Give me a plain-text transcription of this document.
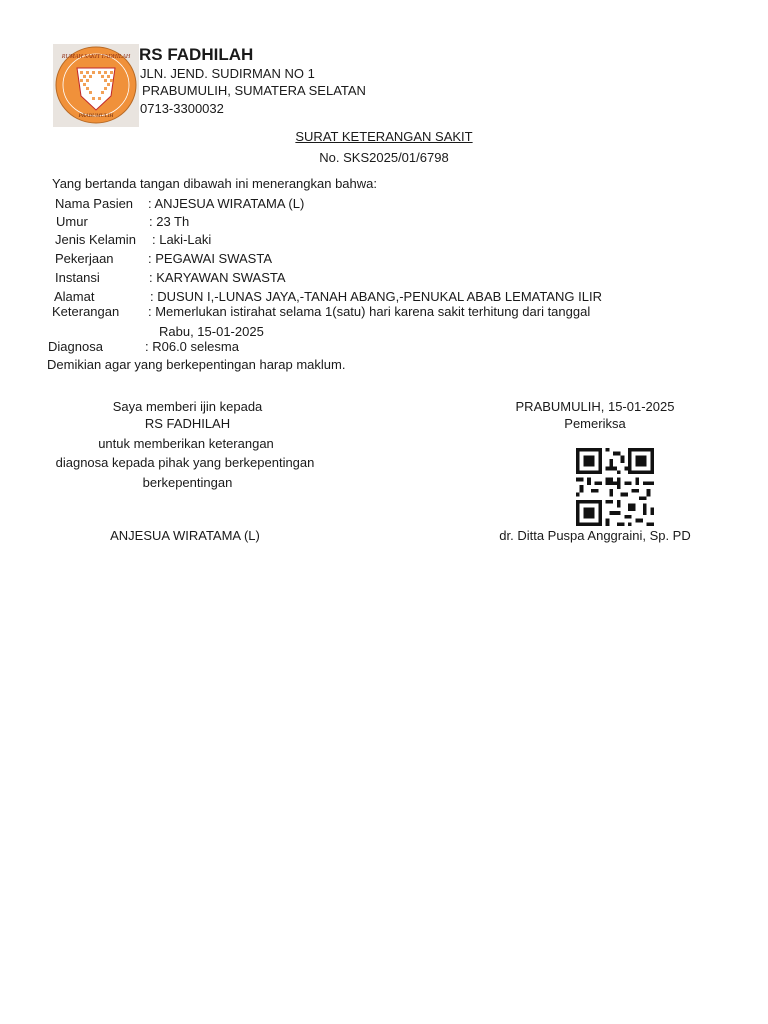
RUMAH SAKIT FADHILAH
PRABUMULIH
RS FADHILAH
JLN. JEND. SUDIRMAN NO 1
PRABUMULIH, SUMATERA SELATAN
0713-3300032
SURAT KETERANGAN SAKIT
No. SKS2025/01/6798
Yang bertanda tangan dibawah ini menerangkan bahwa:
Nama Pasien : ANJESUA WIRATAMA (L)
Umur	: 23 Th
Jenis Kelamin : Laki-Laki
Pekerjaan	: PEGAWAI SWASTA
Instansi	: KARYAWAN SWASTA
Alamat	: DUSUN I,-LUNAS JAYA,-TANAH ABANG,-PENUKAL ABAB LEMATANG ILIR
Keterangan : Memerlukan istirahat selama 1(satu) hari karena sakit terhitung dari tanggal
Rabu, 15-01-2025
Diagnosa	: R06.0 selesma
Demikian agar yang berkepentingan harap maklum.
Saya memberi ijin kepada
RS FADHILAH
untuk memberikan keterangan
diagnosa kepada pihak yang berkepentingan
berkepentingan
ANJESUA WIRATAMA (L)
PRABUMULIH, 15-01-2025
Pemeriksa
dr. Ditta Puspa Anggraini, Sp. PD
